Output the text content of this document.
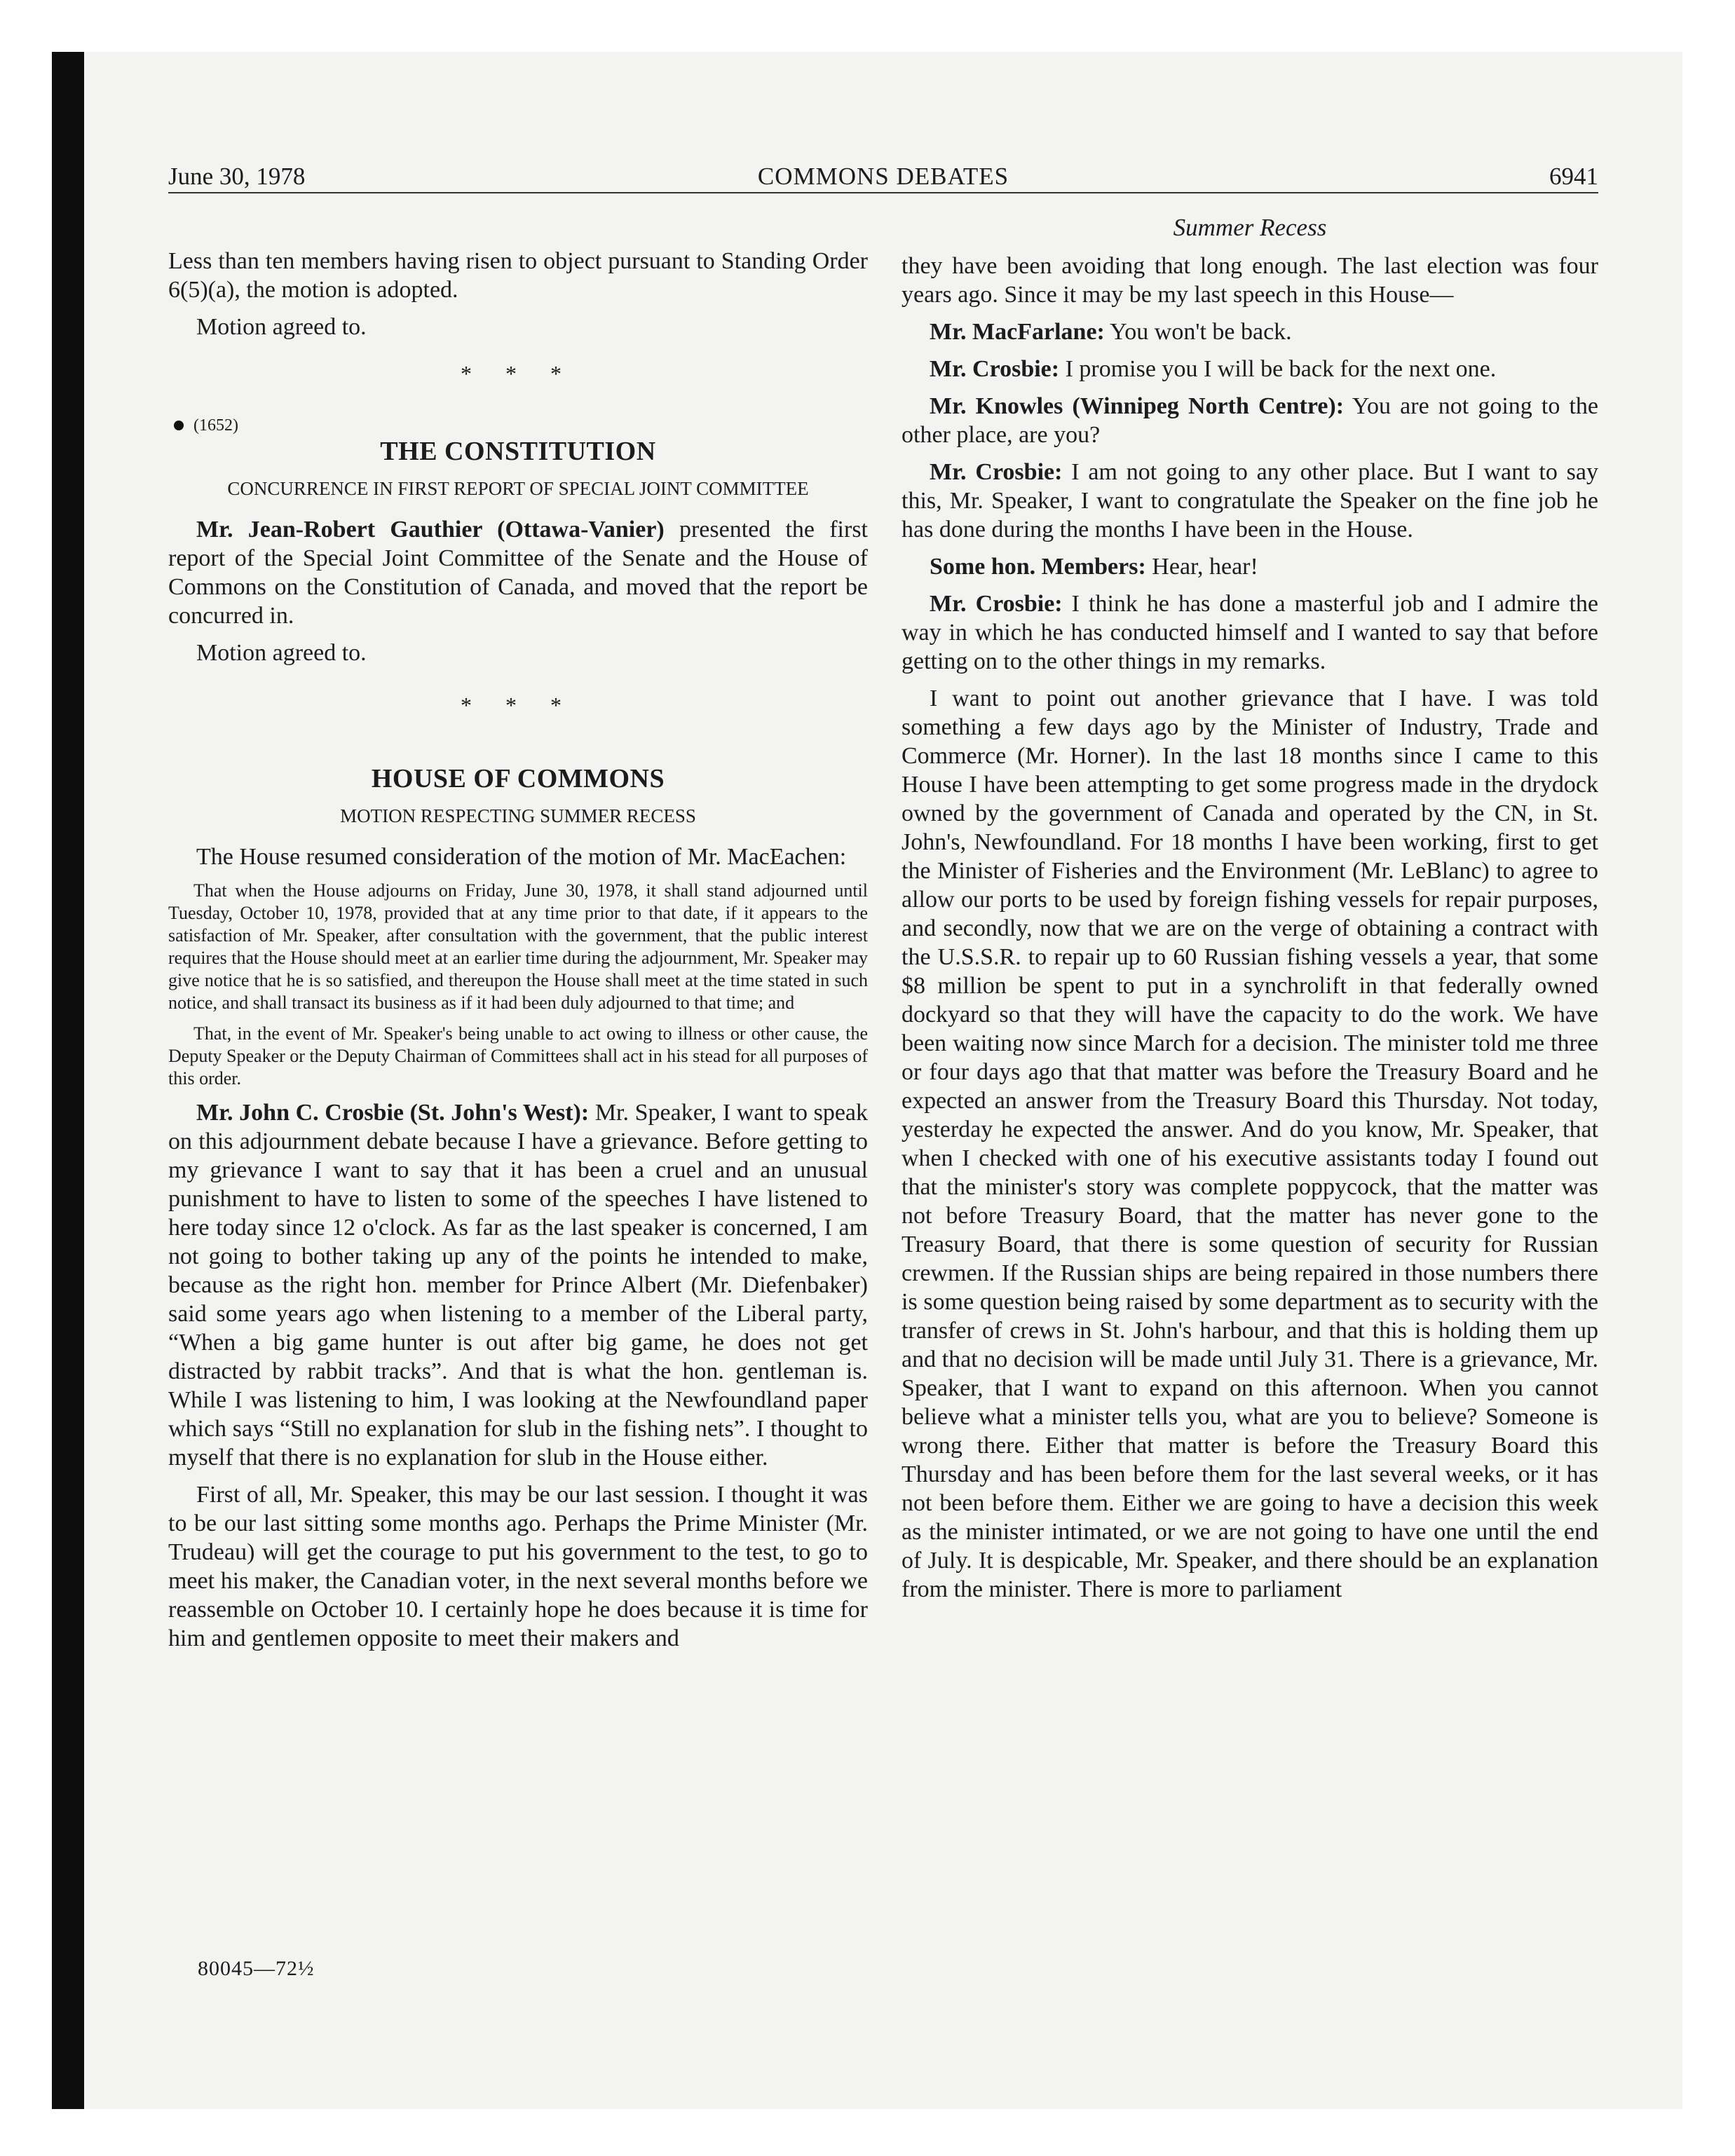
COMMONS DEBATES
June 30, 1978	6941

Less than ten members having risen to object pursuant to Standing Order 6(5)(a), the motion is adopted.

Motion agreed to.

* * *
(1652)
THE CONSTITUTION
CONCURRENCE IN FIRST REPORT OF SPECIAL JOINT COMMITTEE

Mr. Jean-Robert Gauthier (Ottawa-Vanier) presented the first report of the Special Joint Committee of the Senate and the House of Commons on the Constitution of Canada, and moved that the report be concurred in.

Motion agreed to.

* * *
HOUSE OF COMMONS
MOTION RESPECTING SUMMER RECESS

The House resumed consideration of the motion of Mr. MacEachen:

That when the House adjourns on Friday, June 30, 1978, it shall stand adjourned until Tuesday, October 10, 1978, provided that at any time prior to that date, if it appears to the satisfaction of Mr. Speaker, after consultation with the government, that the public interest requires that the House should meet at an earlier time during the adjournment, Mr. Speaker may give notice that he is so satisfied, and thereupon the House shall meet at the time stated in such notice, and shall transact its business as if it had been duly adjourned to that time; and

That, in the event of Mr. Speaker's being unable to act owing to illness or other cause, the Deputy Speaker or the Deputy Chairman of Committees shall act in his stead for all purposes of this order.

Mr. John C. Crosbie (St. John's West): Mr. Speaker, I want to speak on this adjournment debate because I have a grievance. Before getting to my grievance I want to say that it has been a cruel and an unusual punishment to have to listen to some of the speeches I have listened to here today since 12 o'clock. As far as the last speaker is concerned, I am not going to bother taking up any of the points he intended to make, because as the right hon. member for Prince Albert (Mr. Diefenbaker) said some years ago when listening to a member of the Liberal party, “When a big game hunter is out after big game, he does not get distracted by rabbit tracks”. And that is what the hon. gentleman is. While I was listening to him, I was looking at the Newfoundland paper which says “Still no explanation for slub in the fishing nets”. I thought to myself that there is no explanation for slub in the House either.

First of all, Mr. Speaker, this may be our last session. I thought it was to be our last sitting some months ago. Perhaps the Prime Minister (Mr. Trudeau) will get the courage to put his government to the test, to go to meet his maker, the Canadian voter, in the next several months before we reassemble on October 10. I certainly hope he does because it is time for him and gentlemen opposite to meet their makers and

Summer Recess

they have been avoiding that long enough. The last election was four years ago. Since it may be my last speech in this House—

Mr. MacFarlane: You won't be back.

Mr. Crosbie: I promise you I will be back for the next one.

Mr. Knowles (Winnipeg North Centre): You are not going to the other place, are you?

Mr. Crosbie: I am not going to any other place. But I want to say this, Mr. Speaker, I want to congratulate the Speaker on the fine job he has done during the months I have been in the House.

Some hon. Members: Hear, hear!

Mr. Crosbie: I think he has done a masterful job and I admire the way in which he has conducted himself and I wanted to say that before getting on to the other things in my remarks.

I want to point out another grievance that I have. I was told something a few days ago by the Minister of Industry, Trade and Commerce (Mr. Horner). In the last 18 months since I came to this House I have been attempting to get some progress made in the drydock owned by the government of Canada and operated by the CN, in St. John's, Newfoundland. For 18 months I have been working, first to get the Minister of Fisheries and the Environment (Mr. LeBlanc) to agree to allow our ports to be used by foreign fishing vessels for repair purposes, and secondly, now that we are on the verge of obtaining a contract with the U.S.S.R. to repair up to 60 Russian fishing vessels a year, that some $8 million be spent to put in a synchrolift in that federally owned dockyard so that they will have the capacity to do the work. We have been waiting now since March for a decision. The minister told me three or four days ago that that matter was before the Treasury Board and he expected an answer from the Treasury Board this Thursday. Not today, yesterday he expected the answer. And do you know, Mr. Speaker, that when I checked with one of his executive assistants today I found out that the minister's story was complete poppycock, that the matter was not before Treasury Board, that the matter has never gone to the Treasury Board, that there is some question of security for Russian crewmen. If the Russian ships are being repaired in those numbers there is some question being raised by some department as to security with the transfer of crews in St. John's harbour, and that this is holding them up and that no decision will be made until July 31. There is a grievance, Mr. Speaker, that I want to expand on this afternoon. When you cannot believe what a minister tells you, what are you to believe? Someone is wrong there. Either that matter is before the Treasury Board this Thursday and has been before them for the last several weeks, or it has not been before them. Either we are going to have a decision this week as the minister intimated, or we are not going to have one until the end of July. It is despicable, Mr. Speaker, and there should be an explanation from the minister. There is more to parliament

80045—72½
